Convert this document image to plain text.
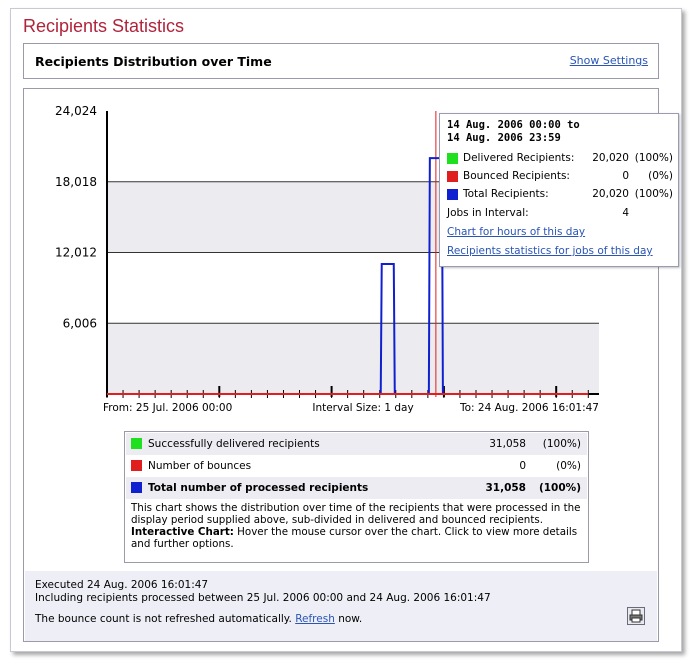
Recipients Statistics
Recipients Distribution over Time	Show Settings
24,024
18,018
12,012
6,006
From: 25 Jul. 2006 00:00	Interval Size: 1 day	To: 24 Aug. 2006 16:01:47
14 Aug. 2006 00:00 to
14 Aug. 2006 23:59
Delivered Recipients:	20,020 (100%)
Bounced Recipients:	0	(0%)
Total Recipients:	20,020 (100%)
Jobs in Interval:	4
Chart for hours of this day
Recipients statistics for jobs of this day
Successfully delivered recipients	31,058	(100%)
Number of bounces	0	(0%)
Total number of processed recipients	31,058	(100%)
This chart shows the distribution over time of the recipients that were processed in the display period supplied above, sub-divided in delivered and bounced recipients.
Interactive Chart: Hover the mouse cursor over the chart. Click to view more details and further options.
Executed 24 Aug. 2006 16:01:47
Including recipients processed between 25 Jul. 2006 00:00 and 24 Aug. 2006 16:01:47
The bounce count is not refreshed automatically. Refresh now.
